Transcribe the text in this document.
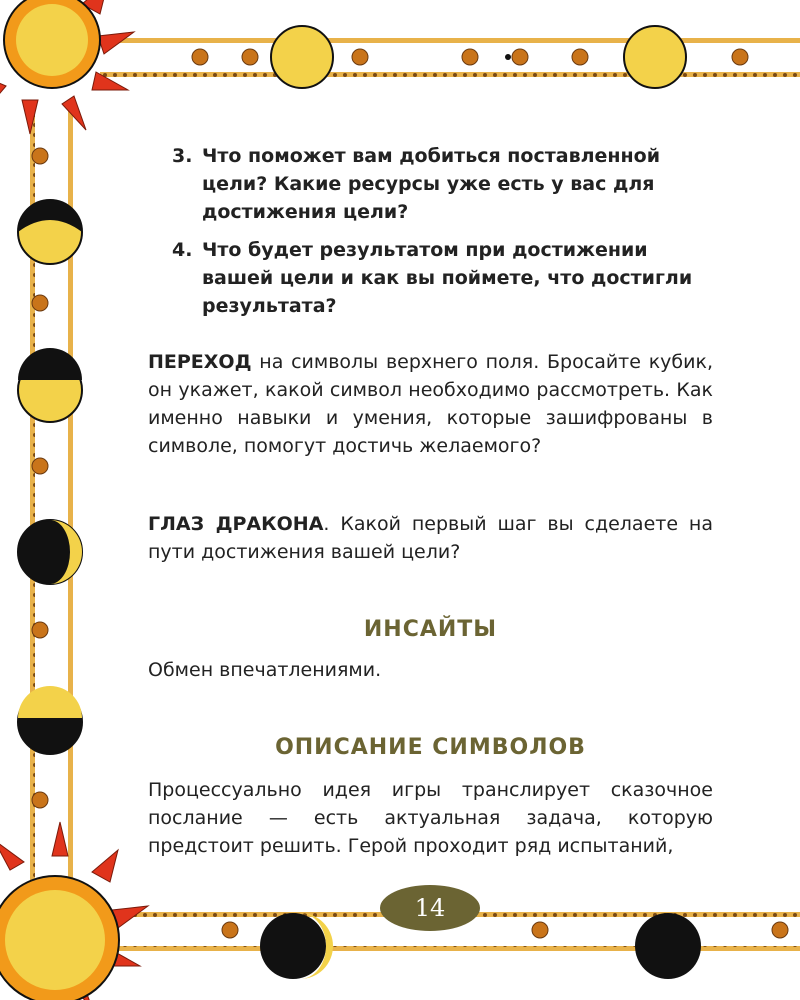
3. Что поможет вам добиться поставленной цели? Какие ресурсы уже есть у вас для достижения цели?
4. Что будет результатом при достижении вашей цели и как вы поймете, что достигли результата?

ПЕРЕХОД на символы верхнего поля. Бросайте кубик, он укажет, какой символ необходимо рассмотреть. Как именно навыки и умения, которые зашифрованы в символе, помогут достичь желаемого?

ГЛАЗ ДРАКОНА. Какой первый шаг вы сделаете на пути достижения вашей цели?

ИНСАЙТЫ

Обмен впечатлениями.

ОПИСАНИЕ СИМВОЛОВ

Процессуально идея игры транслирует сказочное послание — есть актуальная задача, которую предстоит решить. Герой проходит ряд испытаний,

14
